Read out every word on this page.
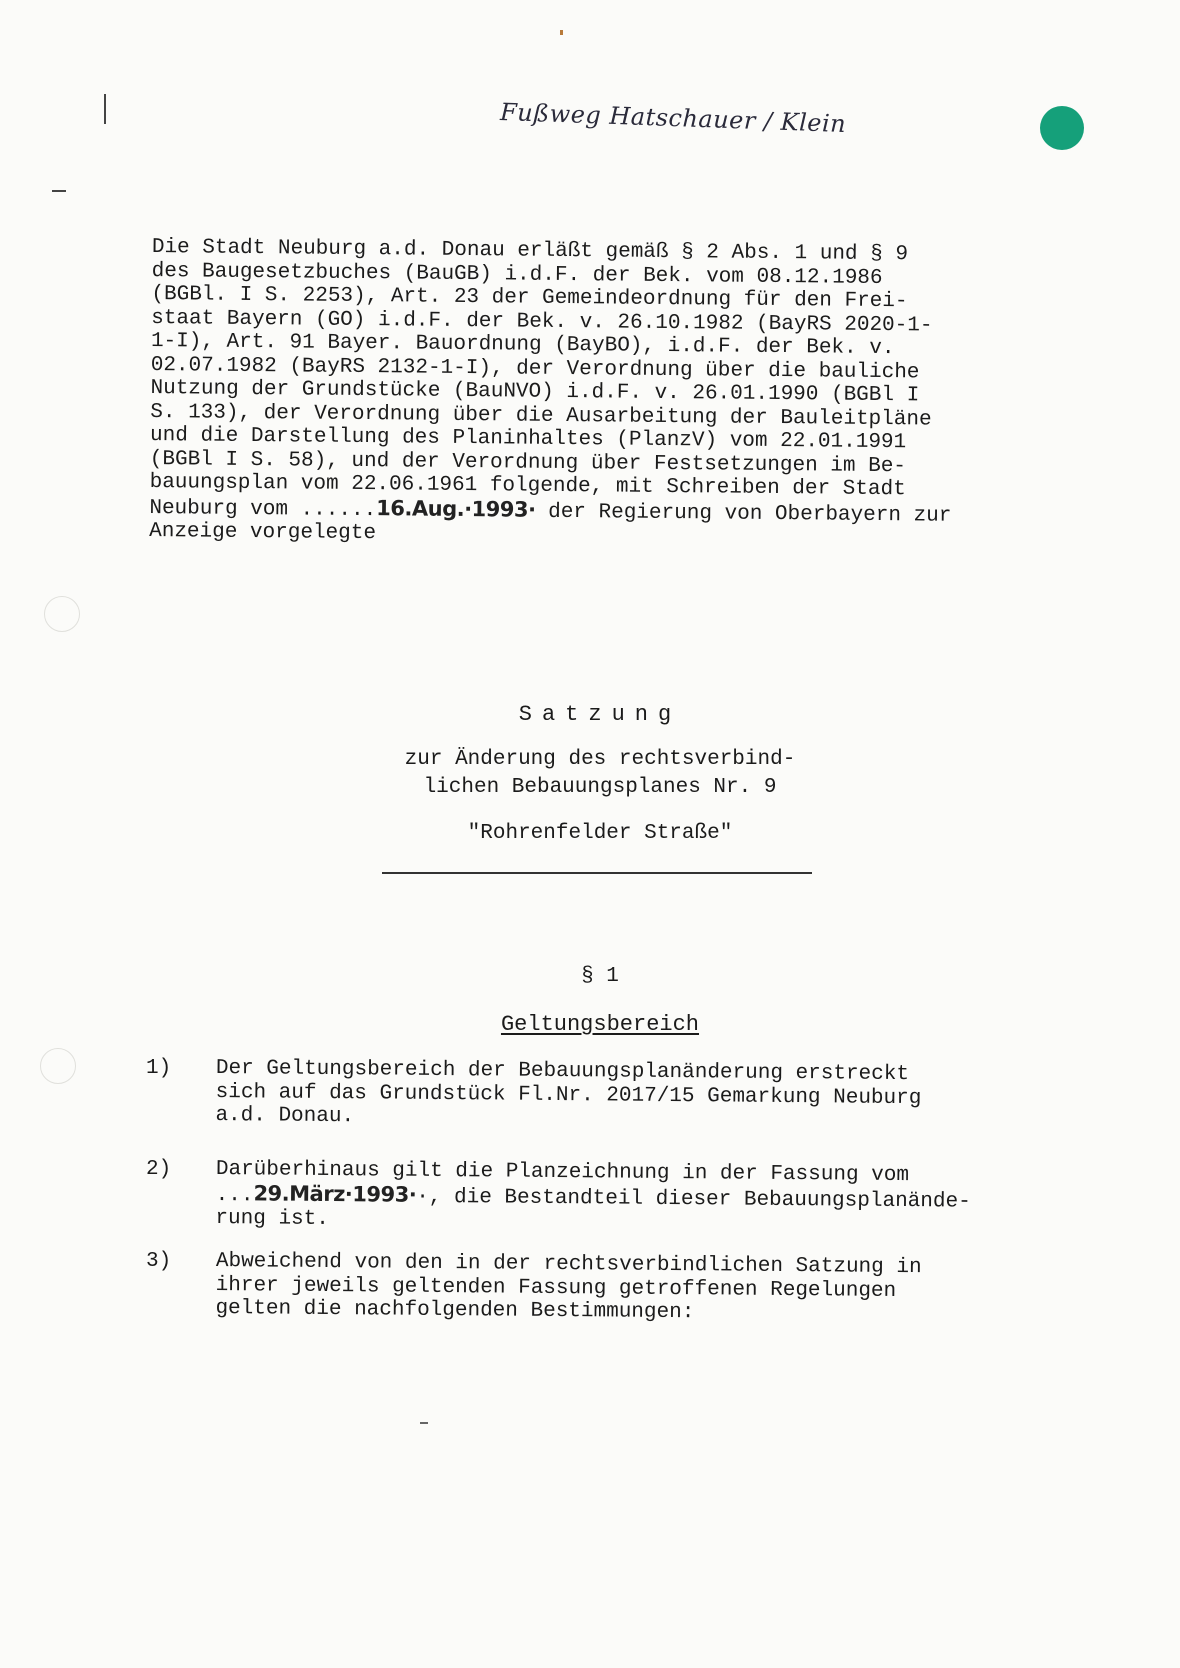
Fußweg Hatschauer / Klein
Die Stadt Neuburg a.d. Donau erläßt gemäß § 2 Abs. 1 und § 9
des Baugesetzbuches (BauGB) i.d.F. der Bek. vom 08.12.1986
(BGBl. I S. 2253), Art. 23 der Gemeindeordnung für den Frei-
staat Bayern (GO) i.d.F. der Bek. v. 26.10.1982 (BayRS 2020-1-
1-I), Art. 91 Bayer. Bauordnung (BayBO), i.d.F. der Bek. v.
02.07.1982 (BayRS 2132-1-I), der Verordnung über die bauliche
Nutzung der Grundstücke (BauNVO) i.d.F. v. 26.01.1990 (BGBl I
S. 133), der Verordnung über die Ausarbeitung der Bauleitpläne
und die Darstellung des Planinhaltes (PlanzV) vom 22.01.1991
(BGBl I S. 58), und der Verordnung über Festsetzungen im Be-
bauungsplan vom 22.06.1961 folgende, mit Schreiben der Stadt
Neuburg vom ......16.Aug.·1993· der Regierung von Oberbayern zur
Anzeige vorgelegte
Satzung
zur Änderung des rechtsverbind-
lichen Bebauungsplanes Nr. 9
"Rohrenfelder Straße"
§ 1
Geltungsbereich
1) Der Geltungsbereich der Bebauungsplanänderung erstreckt
sich auf das Grundstück Fl.Nr. 2017/15 Gemarkung Neuburg
a.d. Donau.
2) Darüberhinaus gilt die Planzeichnung in der Fassung vom
...29.März·1993··, die Bestandteil dieser Bebauungsplanände-
rung ist.
3) Abweichend von den in der rechtsverbindlichen Satzung in
ihrer jeweils geltenden Fassung getroffenen Regelungen
gelten die nachfolgenden Bestimmungen:
